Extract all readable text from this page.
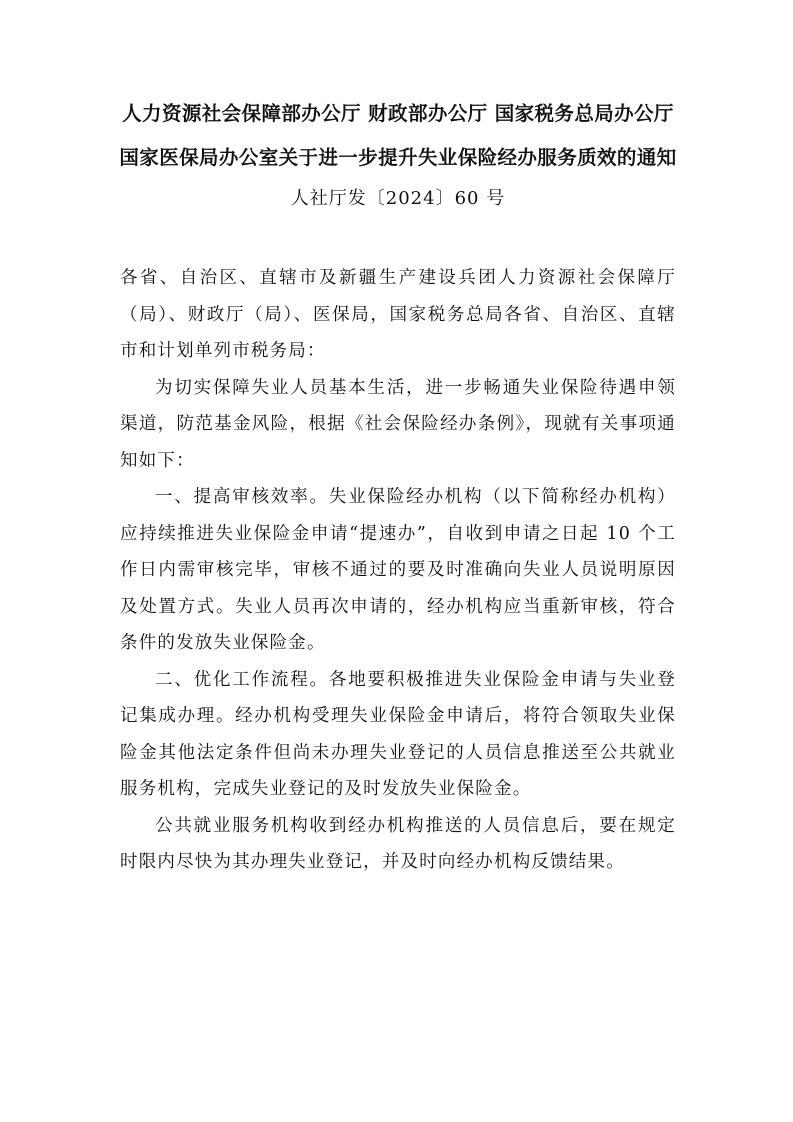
人力资源社会保障部办公厅 财政部办公厅 国家税务总局办公厅 国家医保局办公室关于进一步提升失业保险经办服务质效的通知
人社厅发〔2024〕60 号

各省、自治区、直辖市及新疆生产建设兵团人力资源社会保障厅（局）、财政厅（局）、医保局，国家税务总局各省、自治区、直辖市和计划单列市税务局：

为切实保障失业人员基本生活，进一步畅通失业保险待遇申领渠道，防范基金风险，根据《社会保险经办条例》，现就有关事项通知如下：

一、提高审核效率。失业保险经办机构（以下简称经办机构）应持续推进失业保险金申请“提速办”，自收到申请之日起 10 个工作日内需审核完毕，审核不通过的要及时准确向失业人员说明原因及处置方式。失业人员再次申请的，经办机构应当重新审核，符合条件的发放失业保险金。

二、优化工作流程。各地要积极推进失业保险金申请与失业登记集成办理。经办机构受理失业保险金申请后，将符合领取失业保险金其他法定条件但尚未办理失业登记的人员信息推送至公共就业服务机构，完成失业登记的及时发放失业保险金。

公共就业服务机构收到经办机构推送的人员信息后，要在规定时限内尽快为其办理失业登记，并及时向经办机构反馈结果。
